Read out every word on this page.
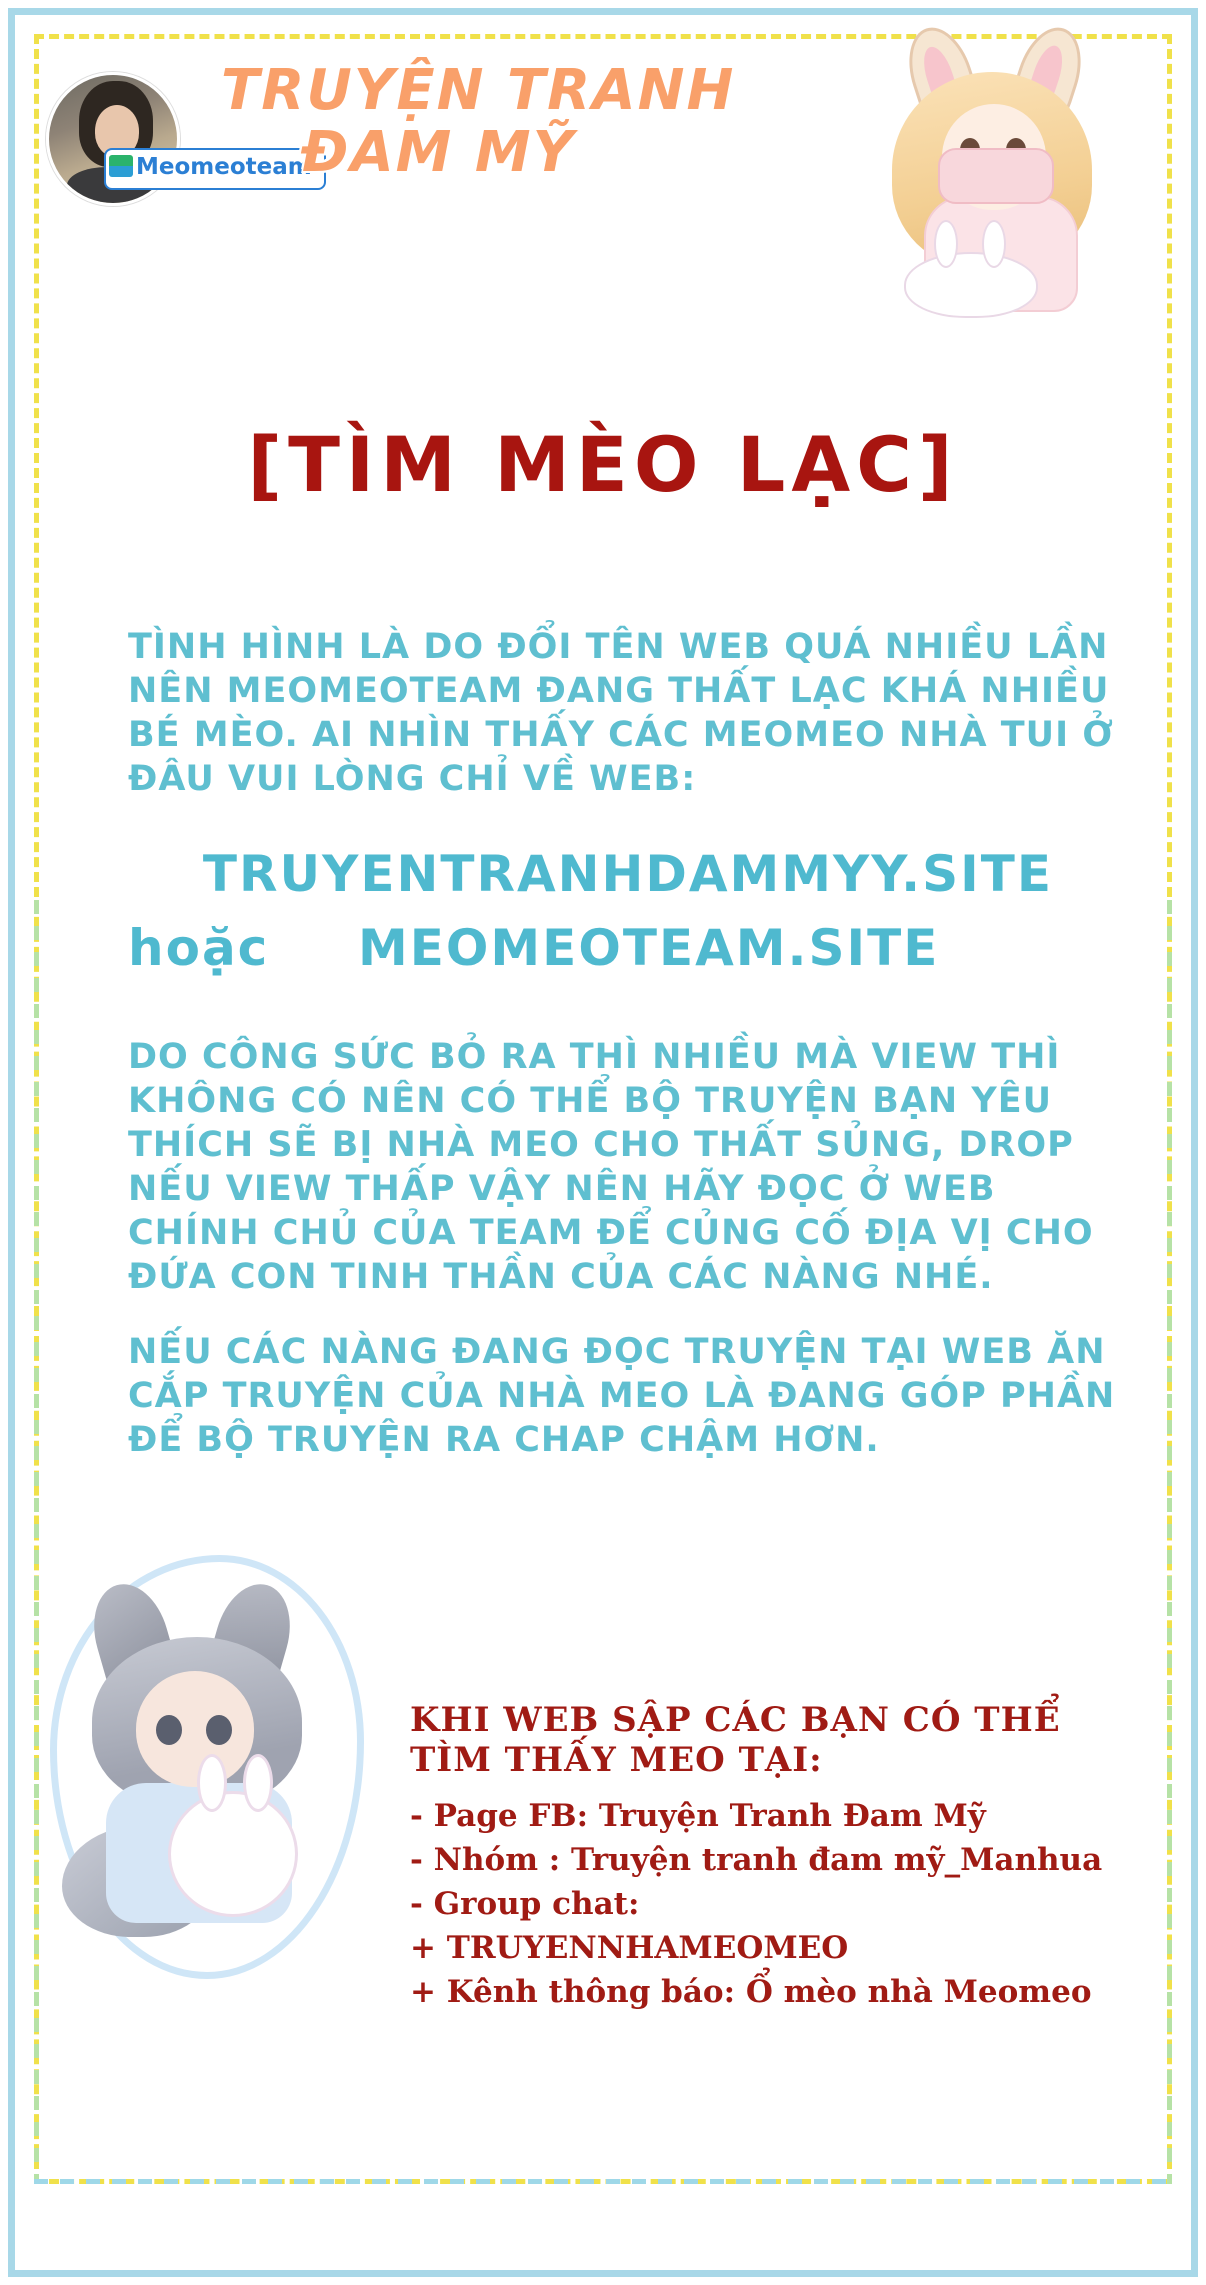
Meomeoteam
TRUYỆN TRANH
ĐAM MỸ
[TÌM MÈO LẠC]
TÌNH HÌNH LÀ DO ĐỔI TÊN WEB QUÁ NHIỀU LẦN NÊN MEOMEOTEAM ĐANG THẤT LẠC KHÁ NHIỀU BÉ MÈO. AI NHÌN THẤY CÁC MEOMEO NHÀ TUI Ở ĐÂU VUI LÒNG CHỈ VỀ WEB:
TRUYENTRANHDAMMYY.SITE
hoặc MEOMEOTEAM.SITE
DO CÔNG SỨC BỎ RA THÌ NHIỀU MÀ VIEW THÌ KHÔNG CÓ NÊN CÓ THỂ BỘ TRUYỆN BẠN YÊU THÍCH SẼ BỊ NHÀ MEO CHO THẤT SỦNG, DROP NẾU VIEW THẤP VẬY NÊN HÃY ĐỌC Ở WEB CHÍNH CHỦ CỦA TEAM ĐỂ CỦNG CỐ ĐỊA VỊ CHO ĐỨA CON TINH THẦN CỦA CÁC NÀNG NHÉ.
NẾU CÁC NÀNG ĐANG ĐỌC TRUYỆN TẠI WEB ĂN CẮP TRUYỆN CỦA NHÀ MEO LÀ ĐANG GÓP PHẦN ĐỂ BỘ TRUYỆN RA CHAP CHẬM HƠN.
KHI WEB SẬP CÁC BẠN CÓ THỂ TÌM THẤY MEO TẠI:
- Page FB: Truyện Tranh Đam Mỹ
- Nhóm : Truyện tranh đam mỹ_Manhua
- Group chat:
+ TRUYENNHAMEOMEO
+ Kênh thông báo: Ổ mèo nhà Meomeo
